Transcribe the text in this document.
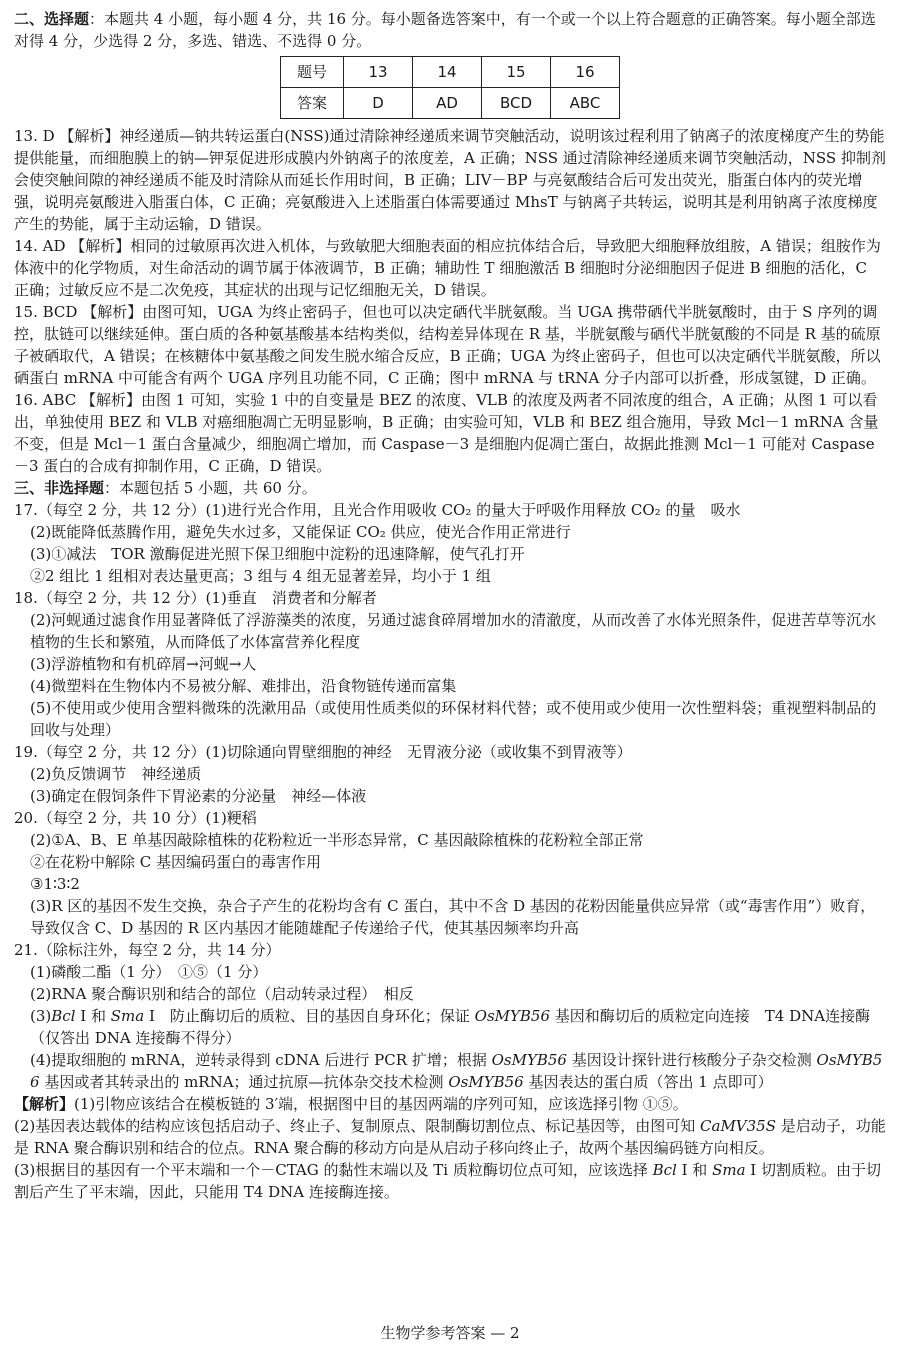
二、选择题：本题共 4 小题，每小题 4 分，共 16 分。每小题备选答案中，有一个或一个以上符合题意的正确答案。每小题全部选对得 4 分，少选得 2 分，多选、错选、不选得 0 分。

题号	13	14	15	16
答案	D	AD	BCD	ABC

13. D 【解析】神经递质—钠共转运蛋白(NSS)通过清除神经递质来调节突触活动，说明该过程利用了钠离子的浓度梯度产生的势能提供能量，而细胞膜上的钠—钾泵促进形成膜内外钠离子的浓度差，A 正确；NSS 通过清除神经递质来调节突触活动，NSS 抑制剂会使突触间隙的神经递质不能及时清除从而延长作用时间，B 正确；LIV－BP 与亮氨酸结合后可发出荧光，脂蛋白体内的荧光增强，说明亮氨酸进入脂蛋白体，C 正确；亮氨酸进入上述脂蛋白体需要通过 MhsT 与钠离子共转运，说明其是利用钠离子浓度梯度产生的势能，属于主动运输，D 错误。

14. AD 【解析】相同的过敏原再次进入机体，与致敏肥大细胞表面的相应抗体结合后，导致肥大细胞释放组胺，A 错误；组胺作为体液中的化学物质，对生命活动的调节属于体液调节，B 正确；辅助性 T 细胞激活 B 细胞时分泌细胞因子促进 B 细胞的活化，C 正确；过敏反应不是二次免疫，其症状的出现与记忆细胞无关，D 错误。

15. BCD 【解析】由图可知，UGA 为终止密码子，但也可以决定硒代半胱氨酸。当 UGA 携带硒代半胱氨酸时，由于 S 序列的调控，肽链可以继续延伸。蛋白质的各种氨基酸基本结构类似，结构差异体现在 R 基，半胱氨酸与硒代半胱氨酸的不同是 R 基的硫原子被硒取代，A 错误；在核糖体中氨基酸之间发生脱水缩合反应，B 正确；UGA 为终止密码子，但也可以决定硒代半胱氨酸，所以硒蛋白 mRNA 中可能含有两个 UGA 序列且功能不同，C 正确；图中 mRNA 与 tRNA 分子内部可以折叠，形成氢键，D 正确。

16. ABC 【解析】由图 1 可知，实验 1 中的自变量是 BEZ 的浓度、VLB 的浓度及两者不同浓度的组合，A 正确；从图 1 可以看出，单独使用 BEZ 和 VLB 对癌细胞凋亡无明显影响，B 正确；由实验可知，VLB 和 BEZ 组合施用，导致 Mcl－1 mRNA 含量不变，但是 Mcl－1 蛋白含量减少，细胞凋亡增加，而 Caspase－3 是细胞内促凋亡蛋白，故据此推测 Mcl－1 可能对 Caspase－3 蛋白的合成有抑制作用，C 正确，D 错误。

三、非选择题：本题包括 5 小题，共 60 分。

17.（每空 2 分，共 12 分）(1)进行光合作用，且光合作用吸收 CO₂ 的量大于呼吸作用释放 CO₂ 的量　吸水

(2)既能降低蒸腾作用，避免失水过多，又能保证 CO₂ 供应，使光合作用正常进行

(3)①减法　TOR 激酶促进光照下保卫细胞中淀粉的迅速降解，使气孔打开

②2 组比 1 组相对表达量更高；3 组与 4 组无显著差异，均小于 1 组

18.（每空 2 分，共 12 分）(1)垂直　消费者和分解者

(2)河蚬通过滤食作用显著降低了浮游藻类的浓度，另通过滤食碎屑增加水的清澈度，从而改善了水体光照条件，促进苦草等沉水植物的生长和繁殖，从而降低了水体富营养化程度

(3)浮游植物和有机碎屑→河蚬→人

(4)微塑料在生物体内不易被分解、难排出，沿食物链传递而富集

(5)不使用或少使用含塑料微珠的洗漱用品（或使用性质类似的环保材料代替；或不使用或少使用一次性塑料袋；重视塑料制品的回收与处理）

19.（每空 2 分，共 12 分）(1)切除通向胃壁细胞的神经　无胃液分泌（或收集不到胃液等）

(2)负反馈调节　神经递质

(3)确定在假饲条件下胃泌素的分泌量　神经—体液

20.（每空 2 分，共 10 分）(1)粳稻

(2)①A、B、E 单基因敲除植株的花粉粒近一半形态异常，C 基因敲除植株的花粉粒全部正常

②在花粉中解除 C 基因编码蛋白的毒害作用

③1∶3∶2

(3)R 区的基因不发生交换，杂合子产生的花粉均含有 C 蛋白，其中不含 D 基因的花粉因能量供应异常（或“毒害作用”）败育，导致仅含 C、D 基因的 R 区内基因才能随雄配子传递给子代，使其基因频率均升高

21.（除标注外，每空 2 分，共 14 分）

(1)磷酸二酯（1 分）　①⑤（1 分）

(2)RNA 聚合酶识别和结合的部位（启动转录过程）　相反

(3)Bcl Ⅰ 和 Sma Ⅰ　防止酶切后的质粒、目的基因自身环化；保证 OsMYB56 基因和酶切后的质粒定向连接　T4 DNA连接酶（仅答出 DNA 连接酶不得分）

(4)提取细胞的 mRNA，逆转录得到 cDNA 后进行 PCR 扩增；根据 OsMYB56 基因设计探针进行核酸分子杂交检测 OsMYB56 基因或者其转录出的 mRNA；通过抗原—抗体杂交技术检测 OsMYB56 基因表达的蛋白质（答出 1 点即可）

【解析】(1)引物应该结合在模板链的 3′端，根据图中目的基因两端的序列可知，应该选择引物 ①⑤。

(2)基因表达载体的结构应该包括启动子、终止子、复制原点、限制酶切割位点、标记基因等，由图可知 CaMV35S 是启动子，功能是 RNA 聚合酶识别和结合的位点。RNA 聚合酶的移动方向是从启动子移向终止子，故两个基因编码链方向相反。

(3)根据目的基因有一个平末端和一个－CTAG 的黏性末端以及 Ti 质粒酶切位点可知，应该选择 Bcl Ⅰ 和 Sma Ⅰ 切割质粒。由于切割后产生了平末端，因此，只能用 T4 DNA 连接酶连接。

生物学参考答案 — 2
